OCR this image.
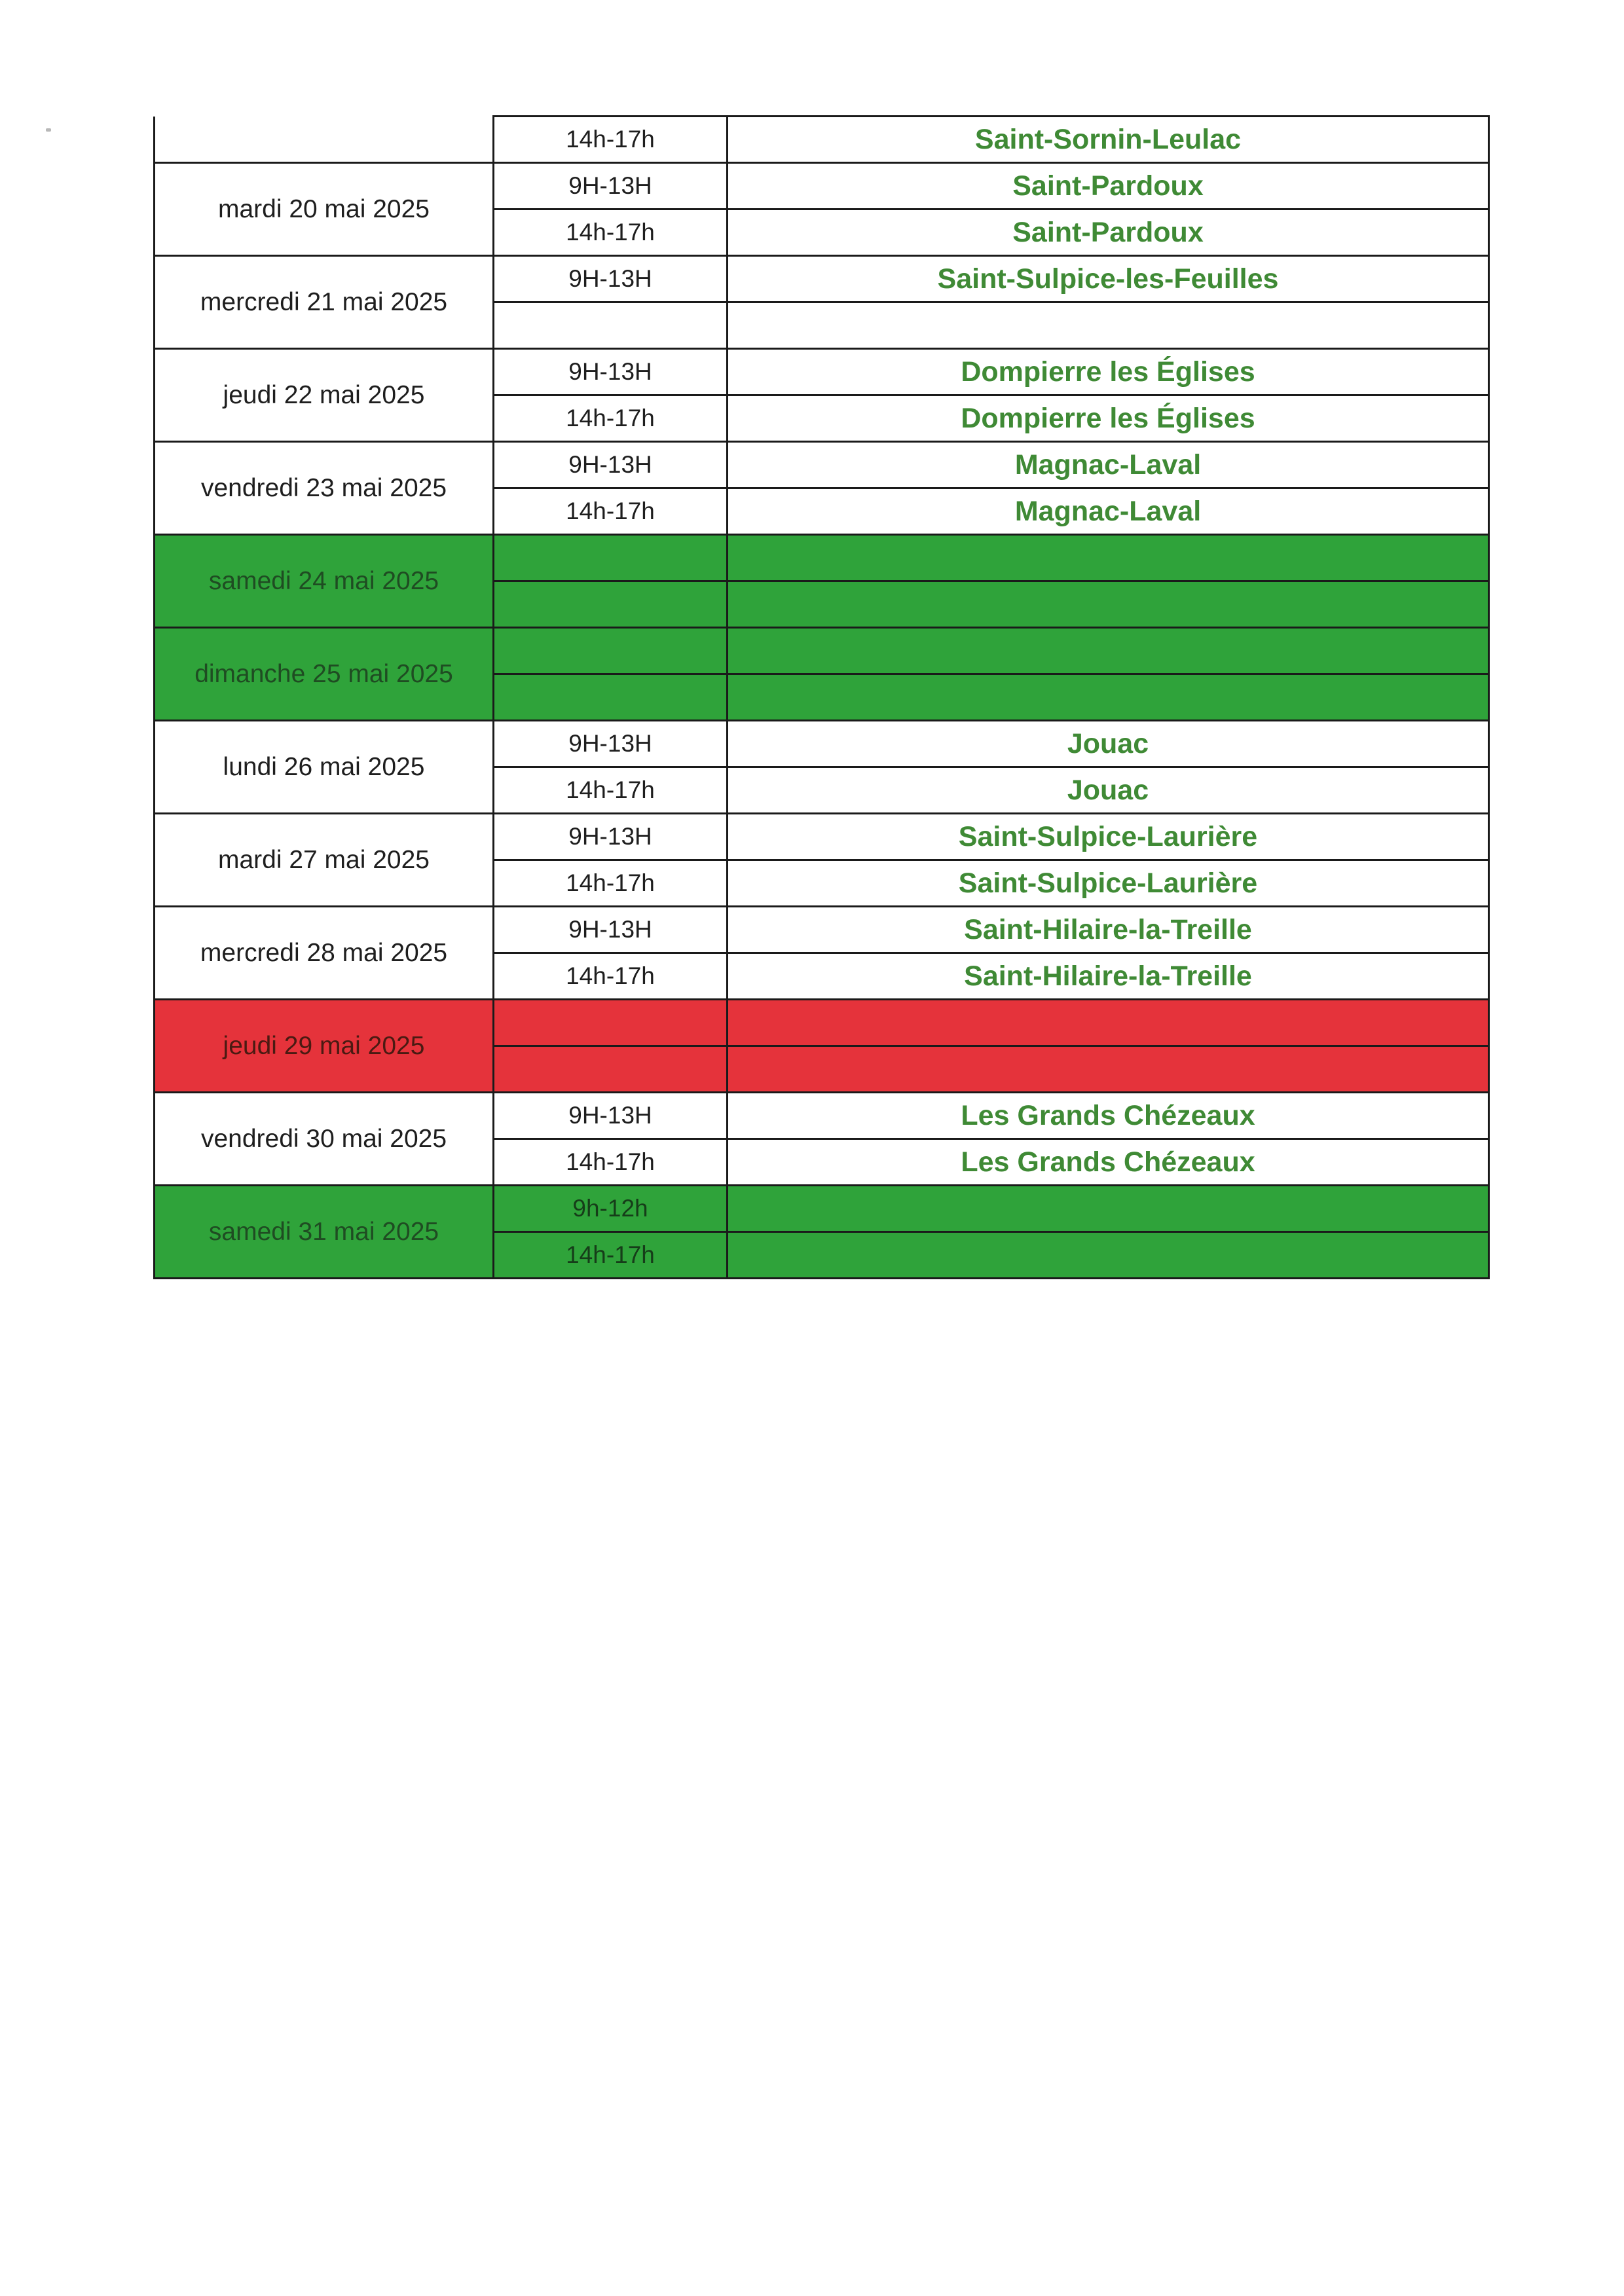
	14h-17h	Saint-Sornin-Leulac
mardi 20 mai 2025	9H-13H	Saint-Pardoux
	14h-17h	Saint-Pardoux
mercredi 21 mai 2025	9H-13H	Saint-Sulpice-les-Feuilles

jeudi 22 mai 2025	9H-13H	Dompierre les Églises
	14h-17h	Dompierre les Églises
vendredi 23 mai 2025	9H-13H	Magnac-Laval
	14h-17h	Magnac-Laval
samedi 24 mai 2025		

dimanche 25 mai 2025		

lundi 26 mai 2025	9H-13H	Jouac
	14h-17h	Jouac
mardi 27 mai 2025	9H-13H	Saint-Sulpice-Laurière
	14h-17h	Saint-Sulpice-Laurière
mercredi 28 mai 2025	9H-13H	Saint-Hilaire-la-Treille
	14h-17h	Saint-Hilaire-la-Treille
jeudi 29 mai 2025		

vendredi 30 mai 2025	9H-13H	Les Grands Chézeaux
	14h-17h	Les Grands Chézeaux
samedi 31 mai 2025	9h-12h	
	14h-17h	
